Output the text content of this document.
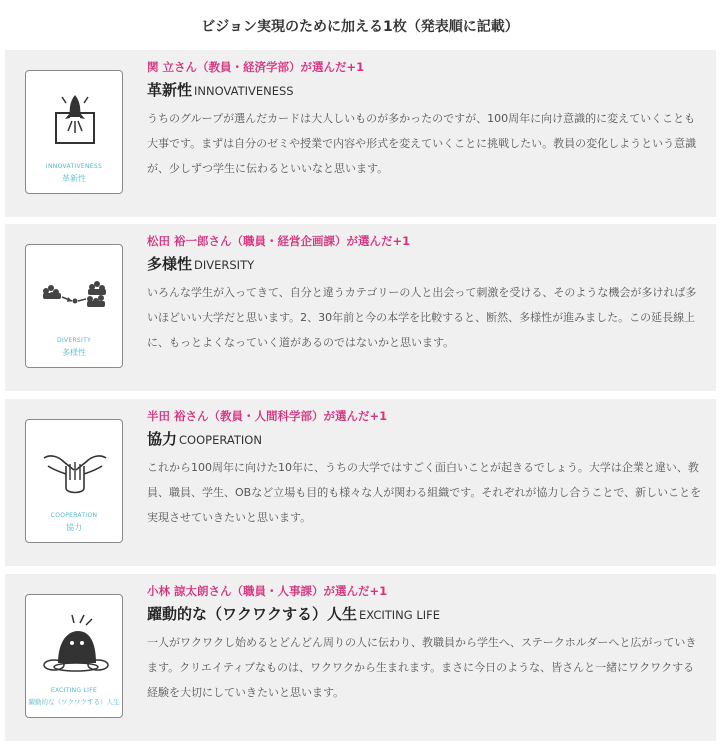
ビジョン実現のために加える1枚（発表順に記載）
INNOVATIVENESS
革新性
関 立さん（教員・経済学部）が選んだ+1
革新性 INNOVATIVENESS
うちのグループが選んだカードは大人しいものが多かったのですが、100周年に向け意識的に変えていくことも大事です。まずは自分のゼミや授業で内容や形式を変えていくことに挑戦したい。教員の変化しようという意識が、少しずつ学生に伝わるといいなと思います。
DIVERSITY
多様性
松田 裕一郎さん（職員・経営企画課）が選んだ+1
多様性 DIVERSITY
いろんな学生が入ってきて、自分と違うカテゴリーの人と出会って刺激を受ける、そのような機会が多ければ多いほどいい大学だと思います。2、30年前と今の本学を比較すると、断然、多様性が進みました。この延長線上に、もっとよくなっていく道があるのではないかと思います。
COOPERATION
協力
半田 裕さん（教員・人間科学部）が選んだ+1
協力 COOPERATION
これから100周年に向けた10年に、うちの大学ではすごく面白いことが起きるでしょう。大学は企業と違い、教員、職員、学生、OBなど立場も目的も様々な人が関わる組織です。それぞれが協力し合うことで、新しいことを実現させていきたいと思います。
EXCITING LIFE
躍動的な（ワクワクする）人生
小林 諒太朗さん（職員・人事課）が選んだ+1
躍動的な（ワクワクする）人生 EXCITING LIFE
一人がワクワクし始めるとどんどん周りの人に伝わり、教職員から学生へ、ステークホルダーへと広がっていきます。クリエイティブなものは、ワクワクから生まれます。まさに今日のような、皆さんと一緒にワクワクする経験を大切にしていきたいと思います。
